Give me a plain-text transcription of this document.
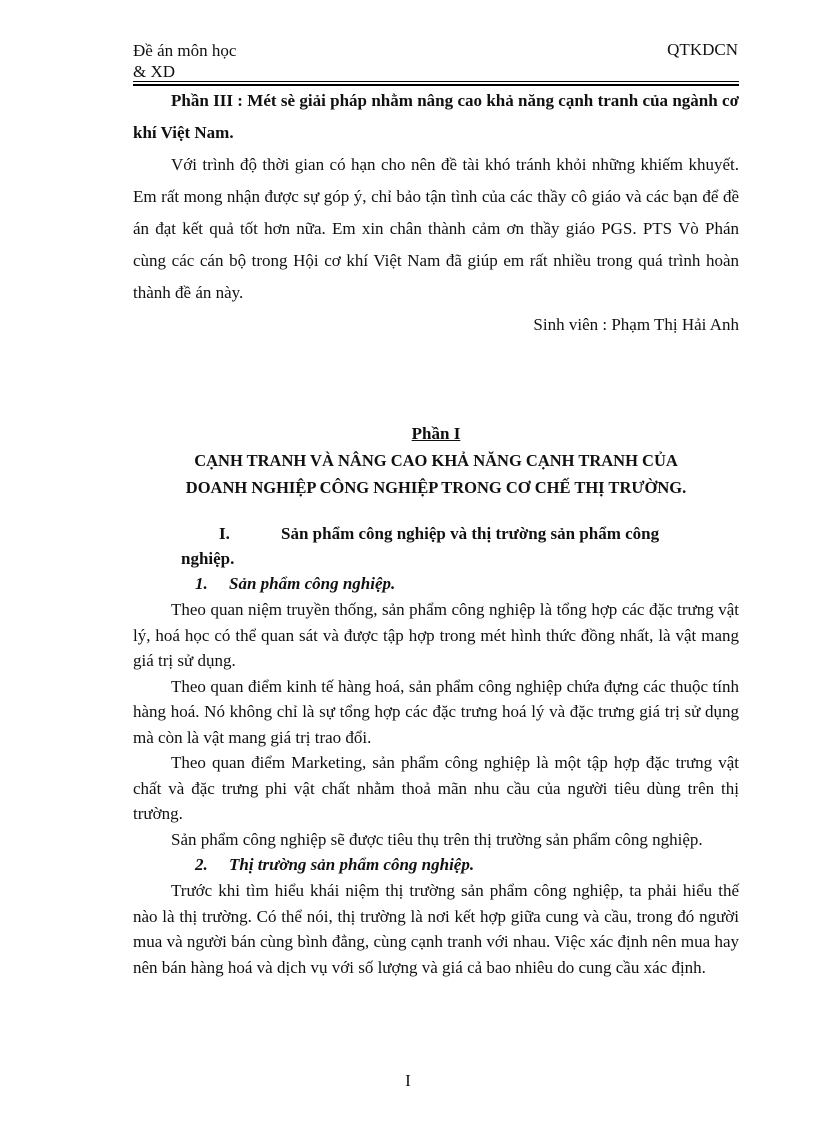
Đề án môn học
& XD
QTKDCN

Phần III : Mét sè giải pháp nhằm nâng cao khả năng cạnh tranh của ngành cơ khí Việt Nam.

Với trình độ thời gian có hạn cho nên đề tài khó tránh khỏi những khiếm khuyết. Em rất mong nhận được sự góp ý, chỉ bảo tận tình của các thầy cô giáo và các bạn để đề án đạt kết quả tốt hơn nữa. Em xin chân thành cảm ơn thầy giáo PGS. PTS Vò Phán cùng các cán bộ trong Hội cơ khí Việt Nam đã giúp em rất nhiều trong quá trình hoàn thành đề án này.

Sinh viên : Phạm Thị Hải Anh

Phần I

CẠNH TRANH VÀ NÂNG CAO KHẢ NĂNG CẠNH TRANH CỦA

DOANH NGHIỆP CÔNG NGHIỆP TRONG CƠ CHẾ THỊ TRƯỜNG.

I.	Sản phẩm công nghiệp và thị trường sản phẩm công

nghiệp.

1.	Sản phẩm công nghiệp.

Theo quan niệm truyền thống, sản phẩm công nghiệp là tổng hợp các đặc trưng vật lý, hoá học có thể quan sát và được tập hợp trong mét hình thức đồng nhất, là vật mang giá trị sử dụng.

Theo quan điểm kinh tế hàng hoá, sản phẩm công nghiệp chứa đựng các thuộc tính hàng hoá. Nó không chỉ là sự tổng hợp các đặc trưng hoá lý và đặc trưng giá trị sử dụng mà còn là vật mang giá trị trao đổi.

Theo quan điểm Marketing, sản phẩm công nghiệp là một tập hợp đặc trưng vật chất và đặc trưng phi vật chất nhằm thoả mãn nhu cầu của người tiêu dùng trên thị trường.

Sản phẩm công nghiệp sẽ được tiêu thụ trên thị trường sản phẩm công nghiệp.

2.	Thị trường sản phẩm công nghiệp.

Trước khi tìm hiểu khái niệm thị trường sản phẩm công nghiệp, ta phải hiểu thế nào là thị trường. Có thể nói, thị trường là nơi kết hợp giữa cung và cầu, trong đó người mua và người bán cùng bình đẳng, cùng cạnh tranh với nhau. Việc xác định nên mua hay nên bán hàng hoá và dịch vụ với số lượng và giá cả bao nhiêu do cung cầu xác định.

I
